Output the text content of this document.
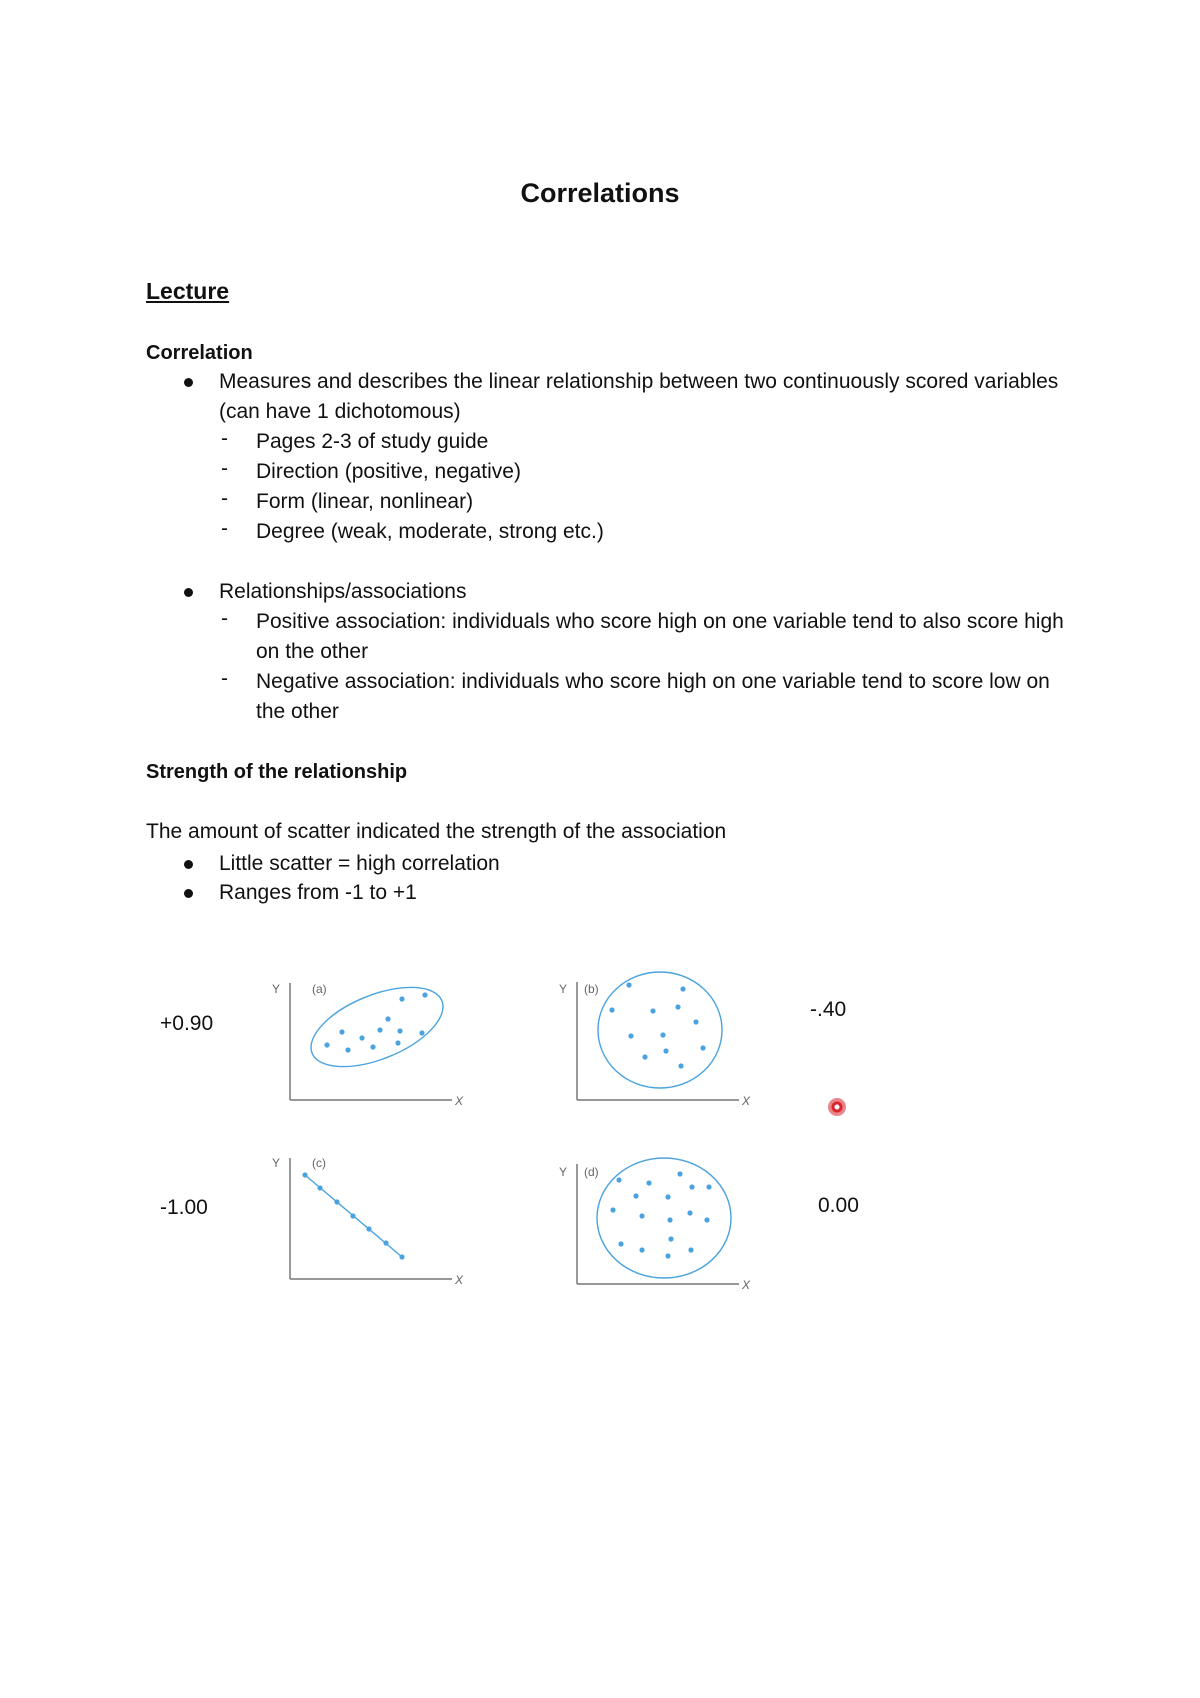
Correlations
Lecture
Correlation
Measures and describes the linear relationship between two continuously scored variables (can have 1 dichotomous)
- Pages 2-3 of study guide
- Direction (positive, negative)
- Form (linear, nonlinear)
- Degree (weak, moderate, strong etc.)
Relationships/associations
- Positive association: individuals who score high on one variable tend to also score high on the other
- Negative association: individuals who score high on one variable tend to score low on the other
Strength of the relationship
The amount of scatter indicated the strength of the association
Little scatter = high correlation
Ranges from -1 to +1
+0.90
-.40
-1.00	0.00
Y	(a)
X
Y (b)
X
Y	(c)
X
Y (d)
X
